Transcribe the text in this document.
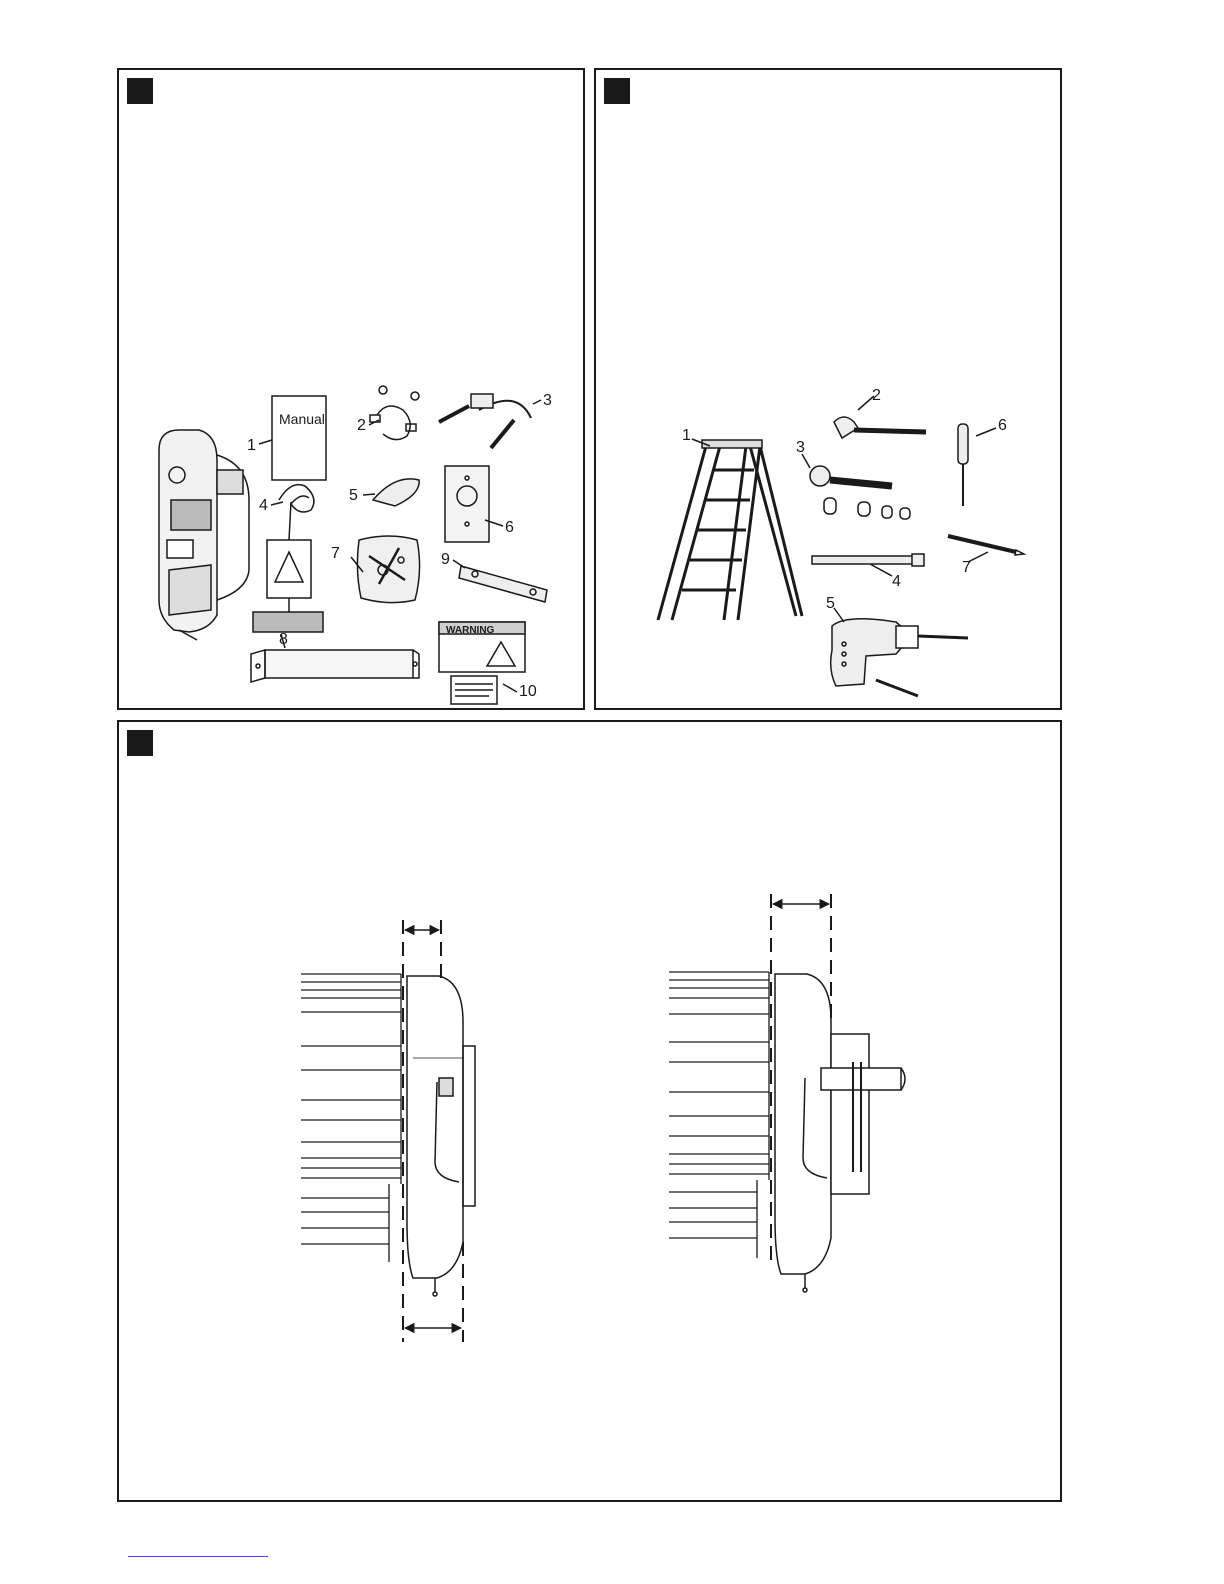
Manual
WARNING
1
2
3
4
5
6
7
8
9
10
1
2
3
4
5
6
7
